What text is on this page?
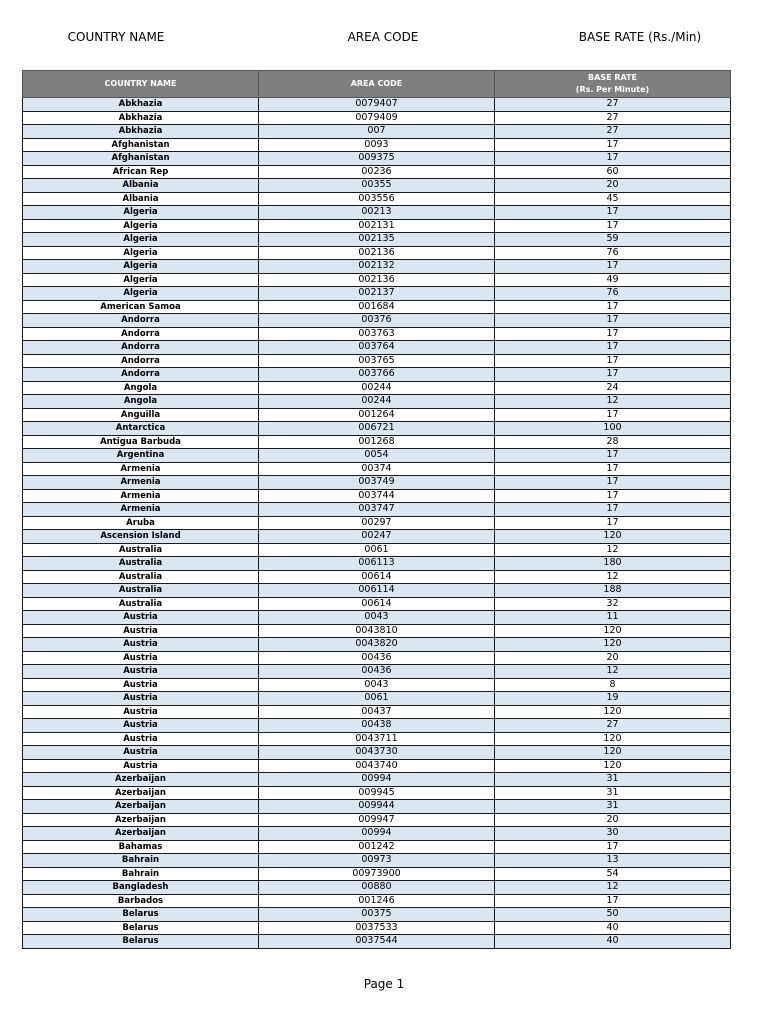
COUNTRY NAME	AREA CODE	BASE RATE (Rs./Min)
COUNTRY NAME	AREA CODE	BASE RATE
(Rs. Per Minute)

Abkhazia	0079407	27
Abkhazia	0079409	27
Abkhazia	007	27
Afghanistan	0093	17
Afghanistan	009375	17
African Rep	00236	60
Albania	00355	20
Albania	003556	45
Algeria	00213	17
Algeria	002131	17
Algeria	002135	59
Algeria	002136	76
Algeria	002132	17
Algeria	002136	49
Algeria	002137	76
American Samoa	001684	17
Andorra	00376	17
Andorra	003763	17
Andorra	003764	17
Andorra	003765	17
Andorra	003766	17
Angola	00244	24
Angola	00244	12
Anguilla	001264	17
Antarctica	006721	100
Antigua Barbuda	001268	28
Argentina	0054	17
Armenia	00374	17
Armenia	003749	17
Armenia	003744	17
Armenia	003747	17
Aruba	00297	17
Ascension Island	00247	120
Australia	0061	12
Australia	006113	180
Australia	00614	12
Australia	006114	188
Australia	00614	32
Austria	0043	11
Austria	0043810	120
Austria	0043820	120
Austria	00436	20
Austria	00436	12
Austria	0043	8
Austria	0061	19
Austria	00437	120
Austria	00438	27
Austria	0043711	120
Austria	0043730	120
Austria	0043740	120
Azerbaijan	00994	31
Azerbaijan	009945	31
Azerbaijan	009944	31
Azerbaijan	009947	20
Azerbaijan	00994	30
Bahamas	001242	17
Bahrain	00973	13
Bahrain	00973900	54
Bangladesh	00880	12
Barbados	001246	17
Belarus	00375	50
Belarus	0037533	40
Belarus	0037544	40
Page 1
